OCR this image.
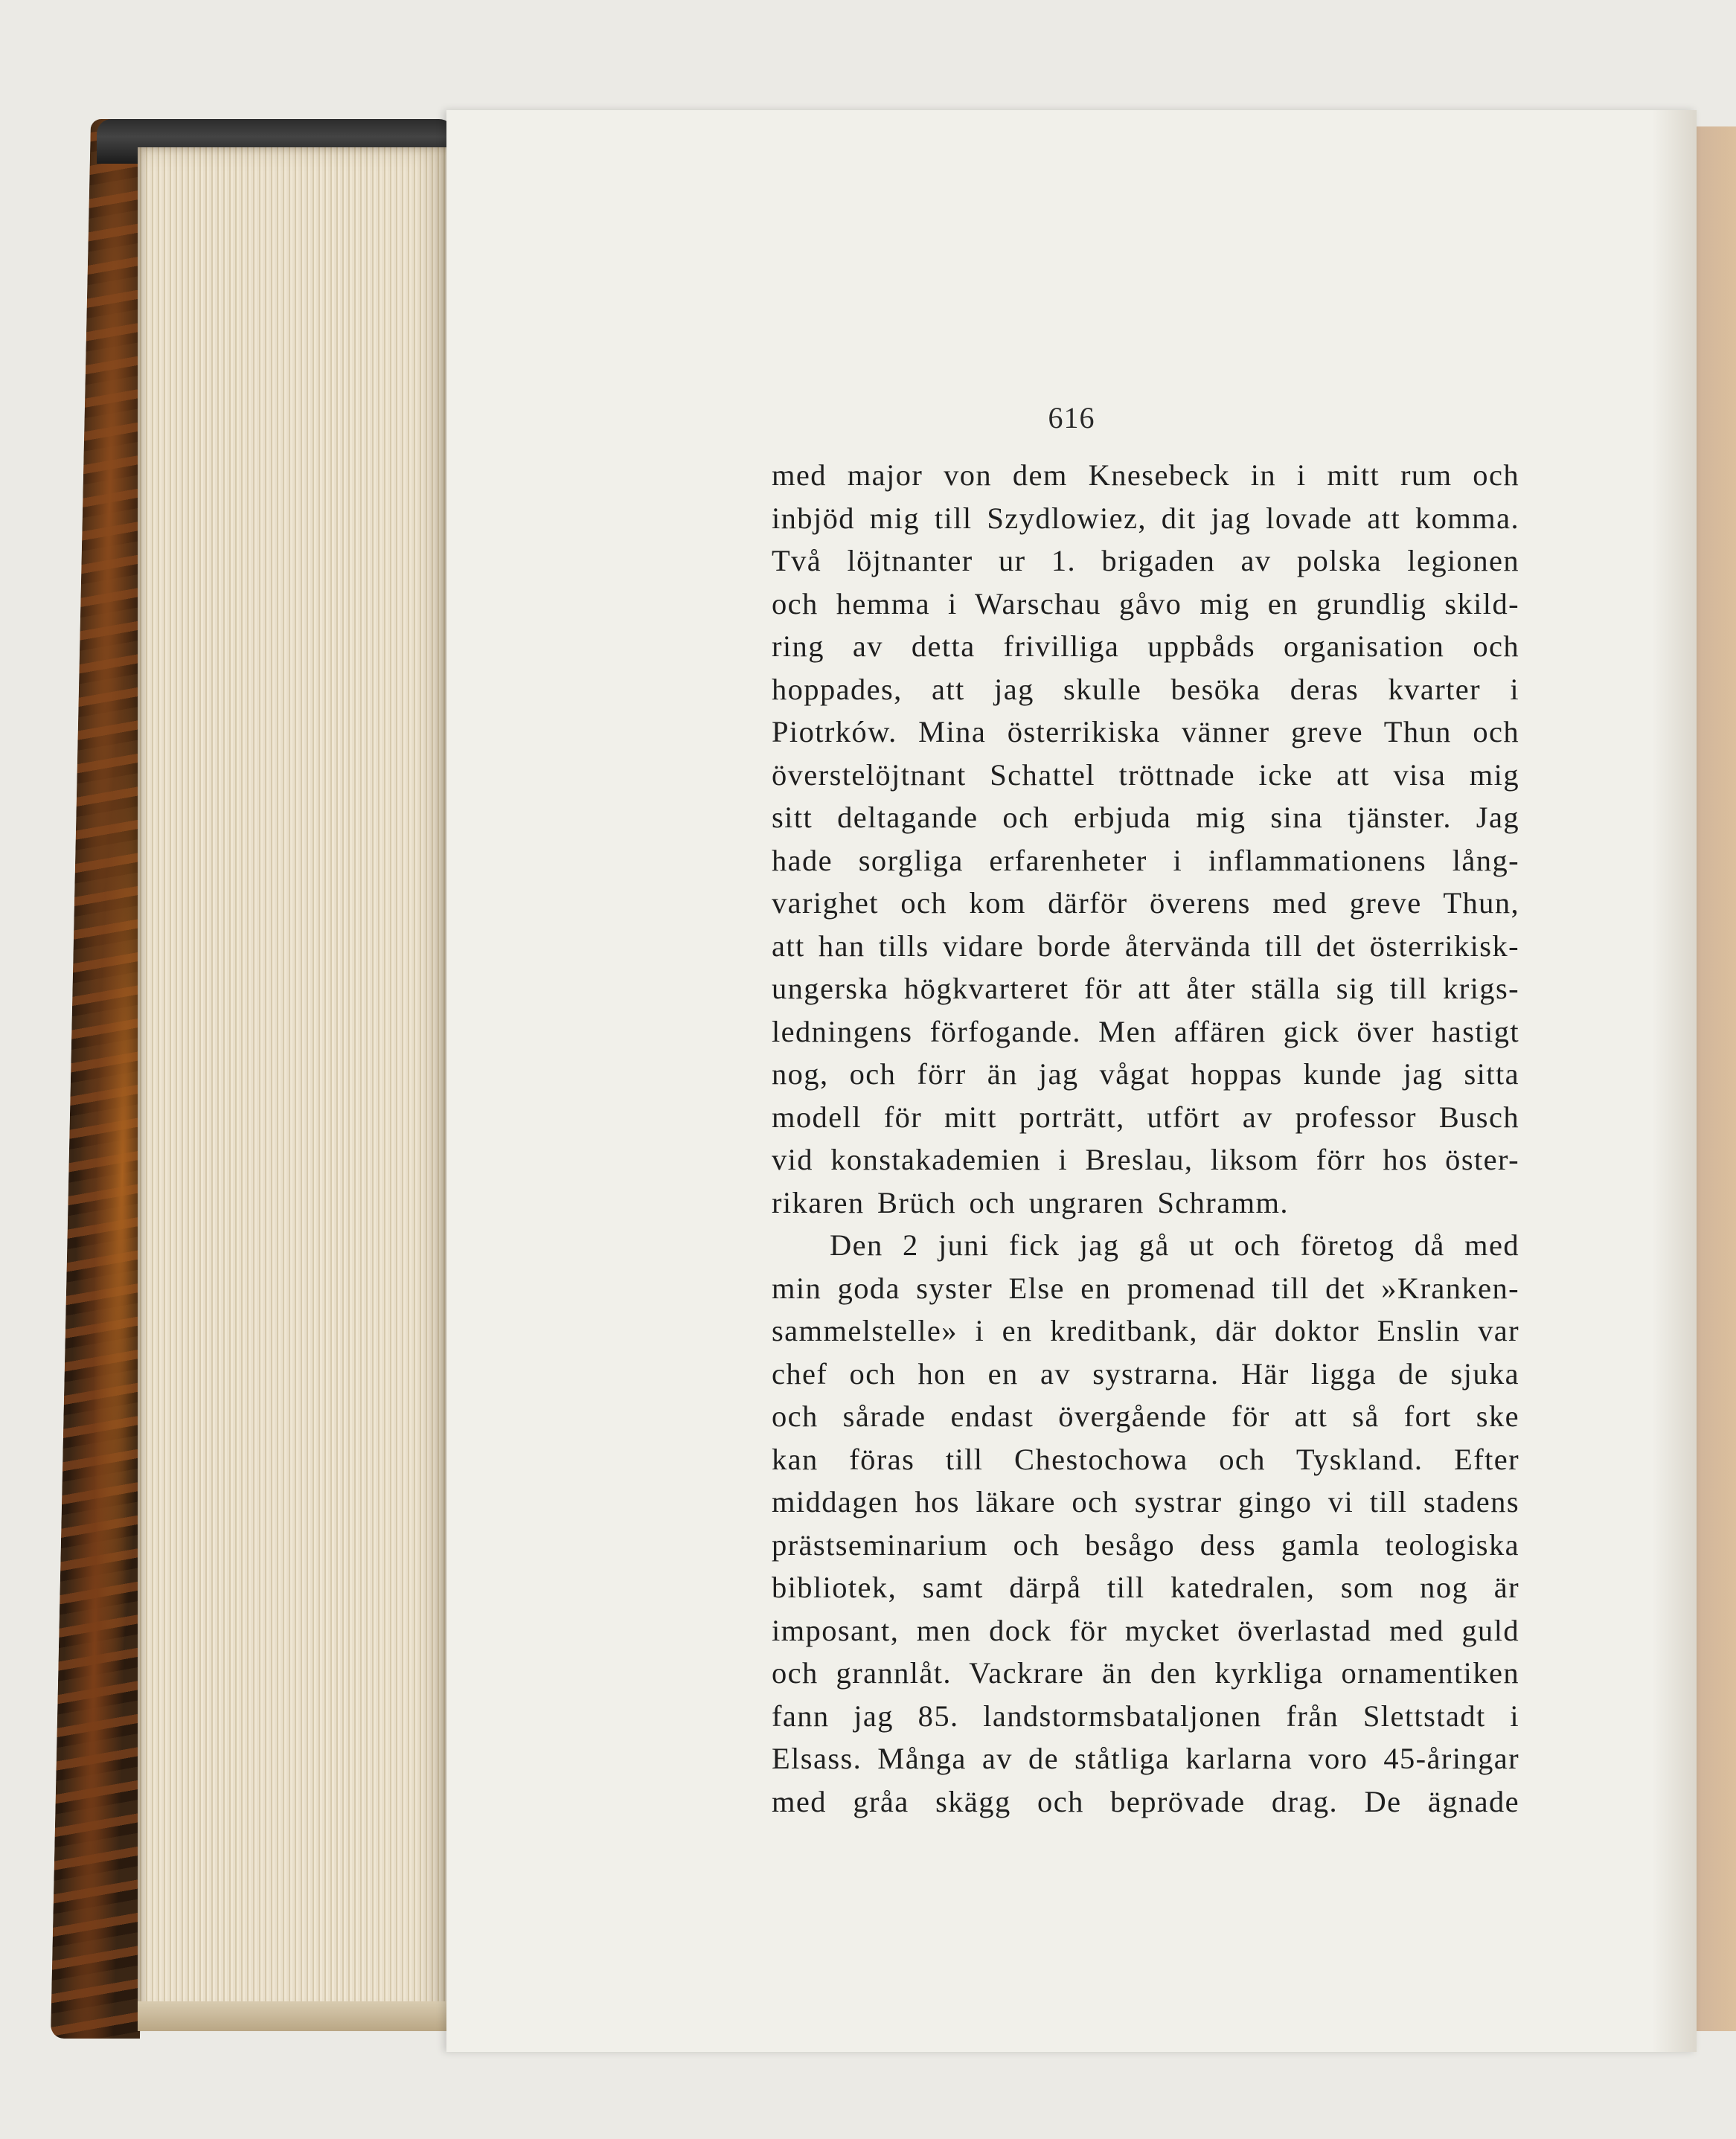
616
med major von dem Knesebeck in i mitt rum och
inbjöd mig till Szydlowiez, dit jag lovade att komma.
Två löjtnanter ur 1. brigaden av polska legionen
och hemma i Warschau gåvo mig en grundlig skild-
ring av detta frivilliga uppbåds organisation och
hoppades, att jag skulle besöka deras kvarter i
Piotrków. Mina österrikiska vänner greve Thun och
överstelöjtnant Schattel tröttnade icke att visa mig
sitt deltagande och erbjuda mig sina tjänster. Jag
hade sorgliga erfarenheter i inflammationens lång-
varighet och kom därför överens med greve Thun,
att han tills vidare borde återvända till det österrikisk-
ungerska högkvarteret för att åter ställa sig till krigs-
ledningens förfogande. Men affären gick över hastigt
nog, och förr än jag vågat hoppas kunde jag sitta
modell för mitt porträtt, utfört av professor Busch
vid konstakademien i Breslau, liksom förr hos öster-
rikaren Brüch och ungraren Schramm.
Den 2 juni fick jag gå ut och företog då med
min goda syster Else en promenad till det »Kranken-
sammelstelle» i en kreditbank, där doktor Enslin var
chef och hon en av systrarna. Här ligga de sjuka
och sårade endast övergående för att så fort ske
kan föras till Chestochowa och Tyskland. Efter
middagen hos läkare och systrar gingo vi till stadens
prästseminarium och besågo dess gamla teologiska
bibliotek, samt därpå till katedralen, som nog är
imposant, men dock för mycket överlastad med guld
och grannlåt. Vackrare än den kyrkliga ornamentiken
fann jag 85. landstormsbataljonen från Slettstadt i
Elsass. Många av de ståtliga karlarna voro 45-åringar
med gråa skägg och beprövade drag. De ägnade
